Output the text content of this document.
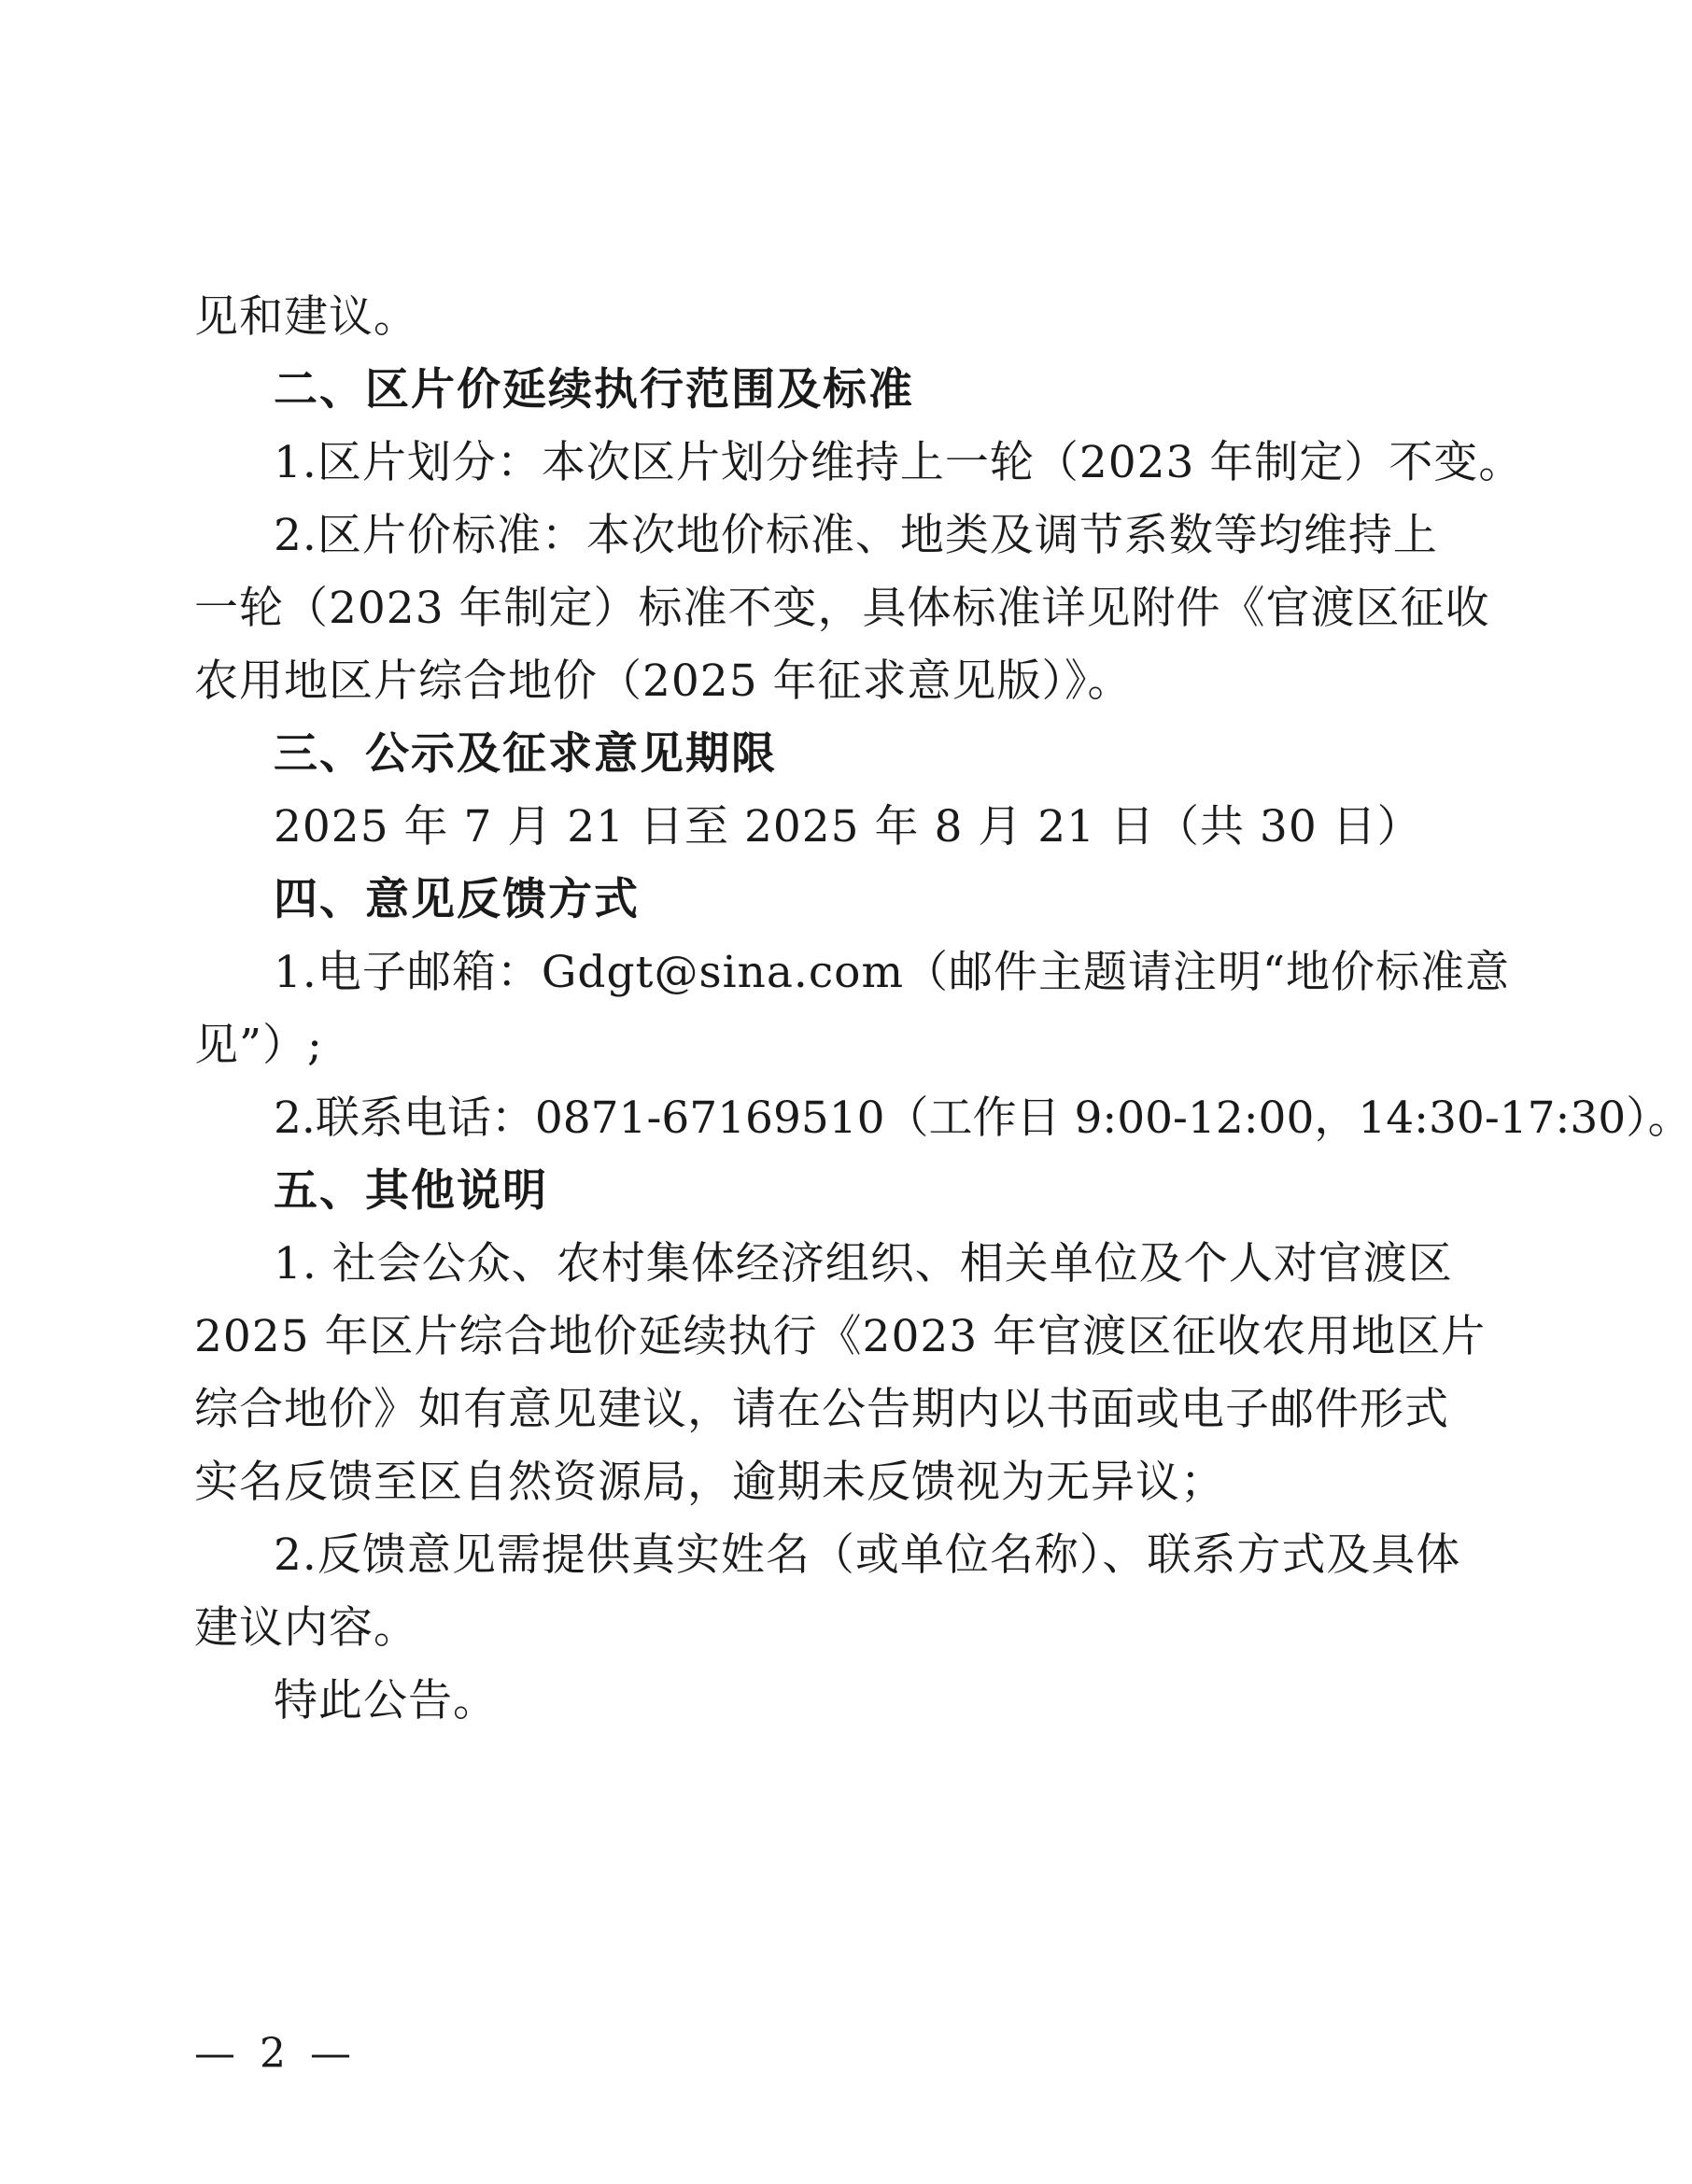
见和建议。
二、区片价延续执行范围及标准
1.区片划分：本次区片划分维持上一轮（2023 年制定）不变。
2.区片价标准：本次地价标准、地类及调节系数等均维持上
一轮（2023 年制定）标准不变，具体标准详见附件《官渡区征收
农用地区片综合地价（2025 年征求意见版）》。
三、公示及征求意见期限
2025 年 7 月 21 日至 2025 年 8 月 21 日（共 30 日）
四、意见反馈方式
1.电子邮箱：Gdgt@sina.com（邮件主题请注明“地价标准意
见”）;
2.联系电话：0871-67169510（工作日 9:00-12:00，14:30-17:30）。
五、其他说明
1. 社会公众、农村集体经济组织、相关单位及个人对官渡区
2025 年区片综合地价延续执行《2023 年官渡区征收农用地区片
综合地价》如有意见建议，请在公告期内以书面或电子邮件形式
实名反馈至区自然资源局，逾期未反馈视为无异议；
2.反馈意见需提供真实姓名（或单位名称）、联系方式及具体
建议内容。
特此公告。
— 2 —
